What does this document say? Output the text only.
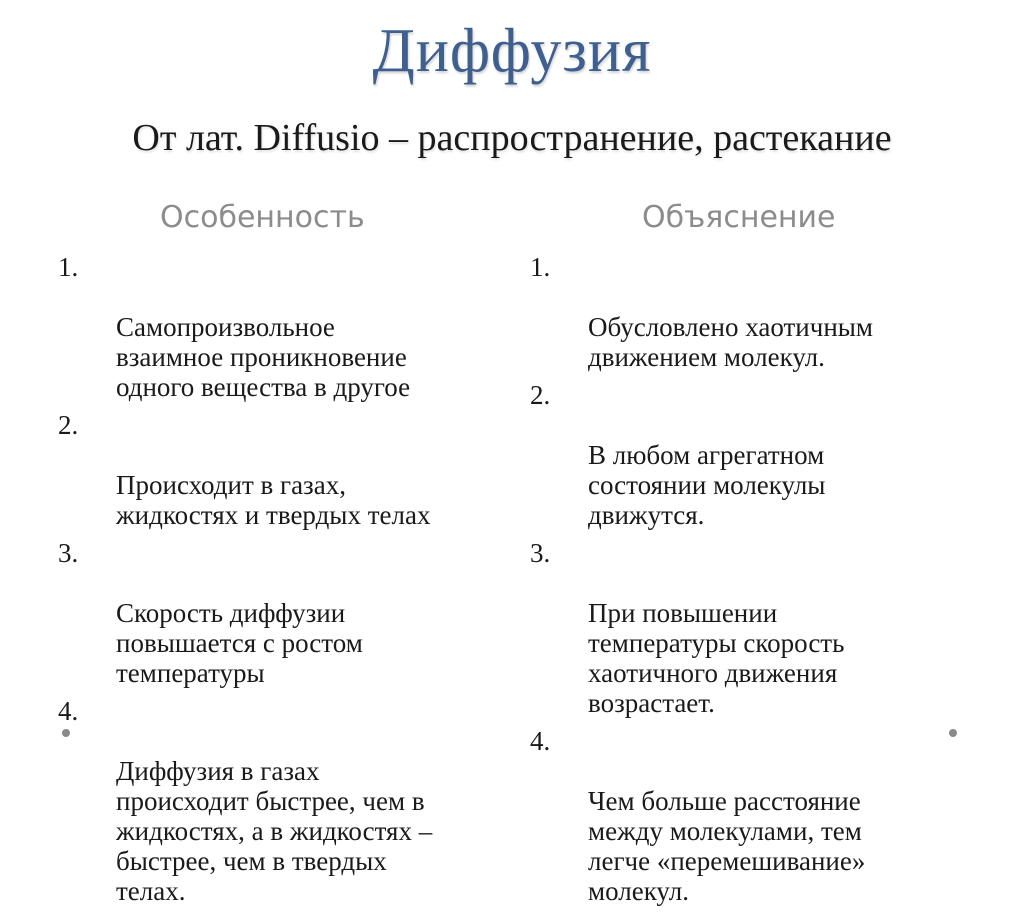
Диффузия
От лат. Diffusio – распространение, растекание
Особенность	Объяснение

1.

Самопроизвольное
взаимное проникновение
одного вещества в другое

2.

Происходит в газах,
жидкостях и твердых телах

3.

Скорость диффузии
повышается с ростом
температуры

4.

Диффузия в газах
происходит быстрее, чем в
жидкостях, а в жидкостях –
быстрее, чем в твердых
телах.

1.

Обусловлено хаотичным
движением молекул.

2.

В любом агрегатном
состоянии молекулы
движутся.

3.

При повышении
температуры скорость
хаотичного движения
возрастает.

4.

Чем больше расстояние
между молекулами, тем
легче «перемешивание»
молекул.
